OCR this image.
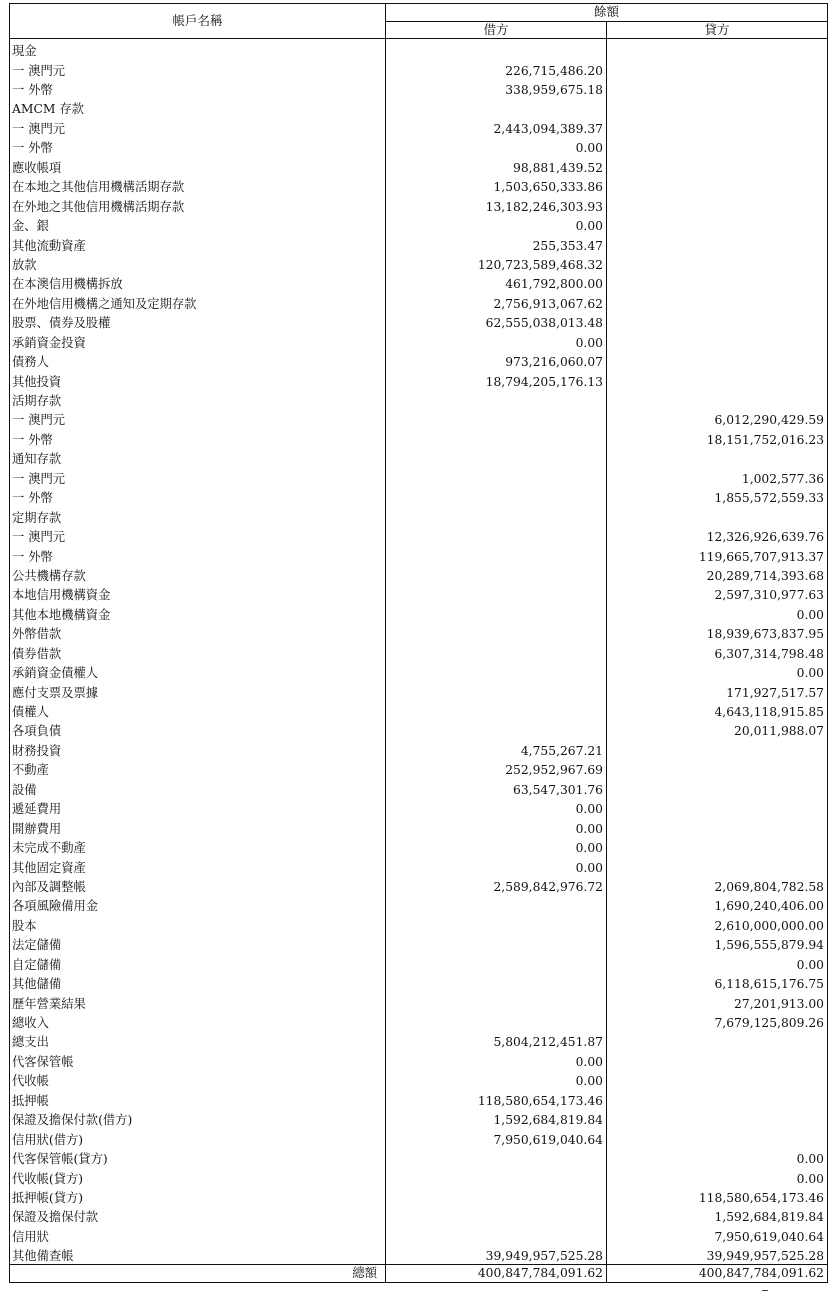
帳戶名稱	餘額	
	借方	貸方
現金		
一 澳門元	226,715,486.20	
一 外幣	338,959,675.18	
AMCM 存款		
一 澳門元	2,443,094,389.37	
一 外幣	0.00	
應收帳項	98,881,439.52	
在本地之其他信用機構活期存款	1,503,650,333.86	
在外地之其他信用機構活期存款	13,182,246,303.93	
金、銀	0.00	
其他流動資產	255,353.47	
放款	120,723,589,468.32	
在本澳信用機構拆放	461,792,800.00	
在外地信用機構之通知及定期存款	2,756,913,067.62	
股票、債券及股權	62,555,038,013.48	
承銷資金投資	0.00	
債務人	973,216,060.07	
其他投資	18,794,205,176.13	
活期存款		
一 澳門元		6,012,290,429.59
一 外幣		18,151,752,016.23
通知存款		
一 澳門元		1,002,577.36
一 外幣		1,855,572,559.33
定期存款		
一 澳門元		12,326,926,639.76
一 外幣		119,665,707,913.37
公共機構存款		20,289,714,393.68
本地信用機構資金		2,597,310,977.63
其他本地機構資金		0.00
外幣借款		18,939,673,837.95
債券借款		6,307,314,798.48
承銷資金債權人		0.00
應付支票及票據		171,927,517.57
債權人		4,643,118,915.85
各項負債		20,011,988.07
財務投資	4,755,267.21	
不動產	252,952,967.69	
設備	63,547,301.76	
遞延費用	0.00	
開辦費用	0.00	
未完成不動產	0.00	
其他固定資產	0.00	
內部及調整帳	2,589,842,976.72	2,069,804,782.58
各項風險備用金		1,690,240,406.00
股本		2,610,000,000.00
法定儲備		1,596,555,879.94
自定儲備		0.00
其他儲備		6,118,615,176.75
歷年營業結果		27,201,913.00
總收入		7,679,125,809.26
總支出	5,804,212,451.87	
代客保管帳	0.00	
代收帳	0.00	
抵押帳	118,580,654,173.46	
保證及擔保付款(借方)	1,592,684,819.84	
信用狀(借方)	7,950,619,040.64	
代客保管帳(貸方)		0.00
代收帳(貸方)		0.00
抵押帳(貸方)		118,580,654,173.46
保證及擔保付款		1,592,684,819.84
信用狀		7,950,619,040.64
其他備查帳	39,949,957,525.28	39,949,957,525.28
總額	400,847,784,091.62	400,847,784,091.62
